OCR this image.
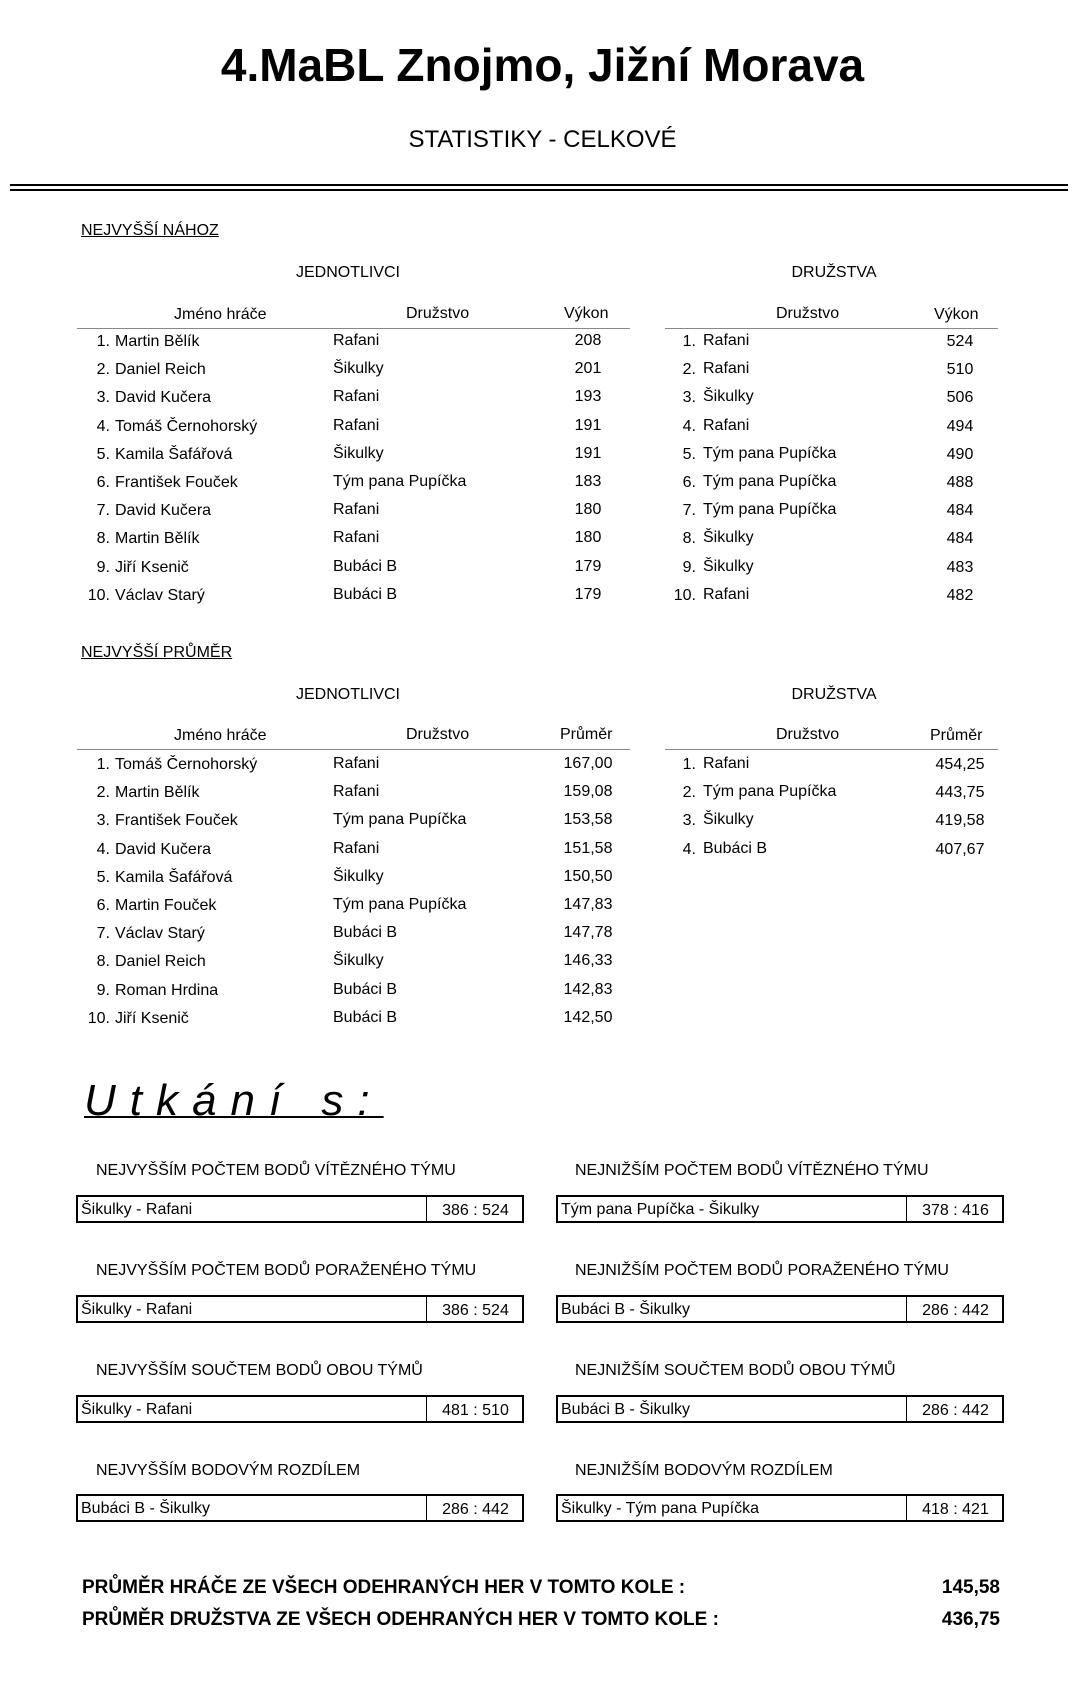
4.MaBL Znojmo, Jižní Morava
STATISTIKY - CELKOVÉ
NEJVYŠŠÍ NÁHOZ
JEDNOTLIVCI
Jméno hráče	Družstvo	Výkon
1. Martin Bělík	Rafani	208
2. Daniel Reich	Šikulky	201
3. David Kučera	Rafani	193
4. Tomáš Černohorský	Rafani	191
5. Kamila Šafářová	Šikulky	191
6. František Fouček	Tým pana Pupíčka	183
7. David Kučera	Rafani	180
8. Martin Bělík	Rafani	180
9. Jiří Ksenič	Bubáci B	179
10. Václav Starý	Bubáci B	179
DRUŽSTVA
Družstvo	Výkon
1. Rafani	524
2. Rafani	510
3. Šikulky	506
4. Rafani	494
5. Tým pana Pupíčka	490
6. Tým pana Pupíčka	488
7. Tým pana Pupíčka	484
8. Šikulky	484
9. Šikulky	483
10. Rafani	482
NEJVYŠŠÍ PRŮMĚR
JEDNOTLIVCI
Jméno hráče	Družstvo	Průměr
1. Tomáš Černohorský	Rafani	167,00
2. Martin Bělík	Rafani	159,08
3. František Fouček	Tým pana Pupíčka	153,58
4. David Kučera	Rafani	151,58
5. Kamila Šafářová	Šikulky	150,50
6. Martin Fouček	Tým pana Pupíčka	147,83
7. Václav Starý	Bubáci B	147,78
8. Daniel Reich	Šikulky	146,33
9. Roman Hrdina	Bubáci B	142,83
10. Jiří Ksenič	Bubáci B	142,50
DRUŽSTVA
Družstvo	Průměr
1. Rafani	454,25
2. Tým pana Pupíčka	443,75
3. Šikulky	419,58
4. Bubáci B	407,67
Utkání s:
NEJVYŠŠÍM POČTEM BODŮ VÍTĚZNÉHO TÝMU
Šikulky - Rafani	386 : 524
NEJVYŠŠÍM POČTEM BODŮ PORAŽENÉHO TÝMU
Šikulky - Rafani	386 : 524
NEJVYŠŠÍM SOUČTEM BODŮ OBOU TÝMŮ
Šikulky - Rafani	481 : 510
NEJVYŠŠÍM BODOVÝM ROZDÍLEM
Bubáci B - Šikulky	286 : 442
NEJNIŽŠÍM POČTEM BODŮ VÍTĚZNÉHO TÝMU
Tým pana Pupíčka - Šikulky	378 : 416
NEJNIŽŠÍM POČTEM BODŮ PORAŽENÉHO TÝMU
Bubáci B - Šikulky	286 : 442
NEJNIŽŠÍM SOUČTEM BODŮ OBOU TÝMŮ
Bubáci B - Šikulky	286 : 442
NEJNIŽŠÍM BODOVÝM ROZDÍLEM
Šikulky - Tým pana Pupíčka	418 : 421
PRŮMĚR HRÁČE ZE VŠECH ODEHRANÝCH HER V TOMTO KOLE :	145,58
PRŮMĚR DRUŽSTVA ZE VŠECH ODEHRANÝCH HER V TOMTO KOLE :	436,75
